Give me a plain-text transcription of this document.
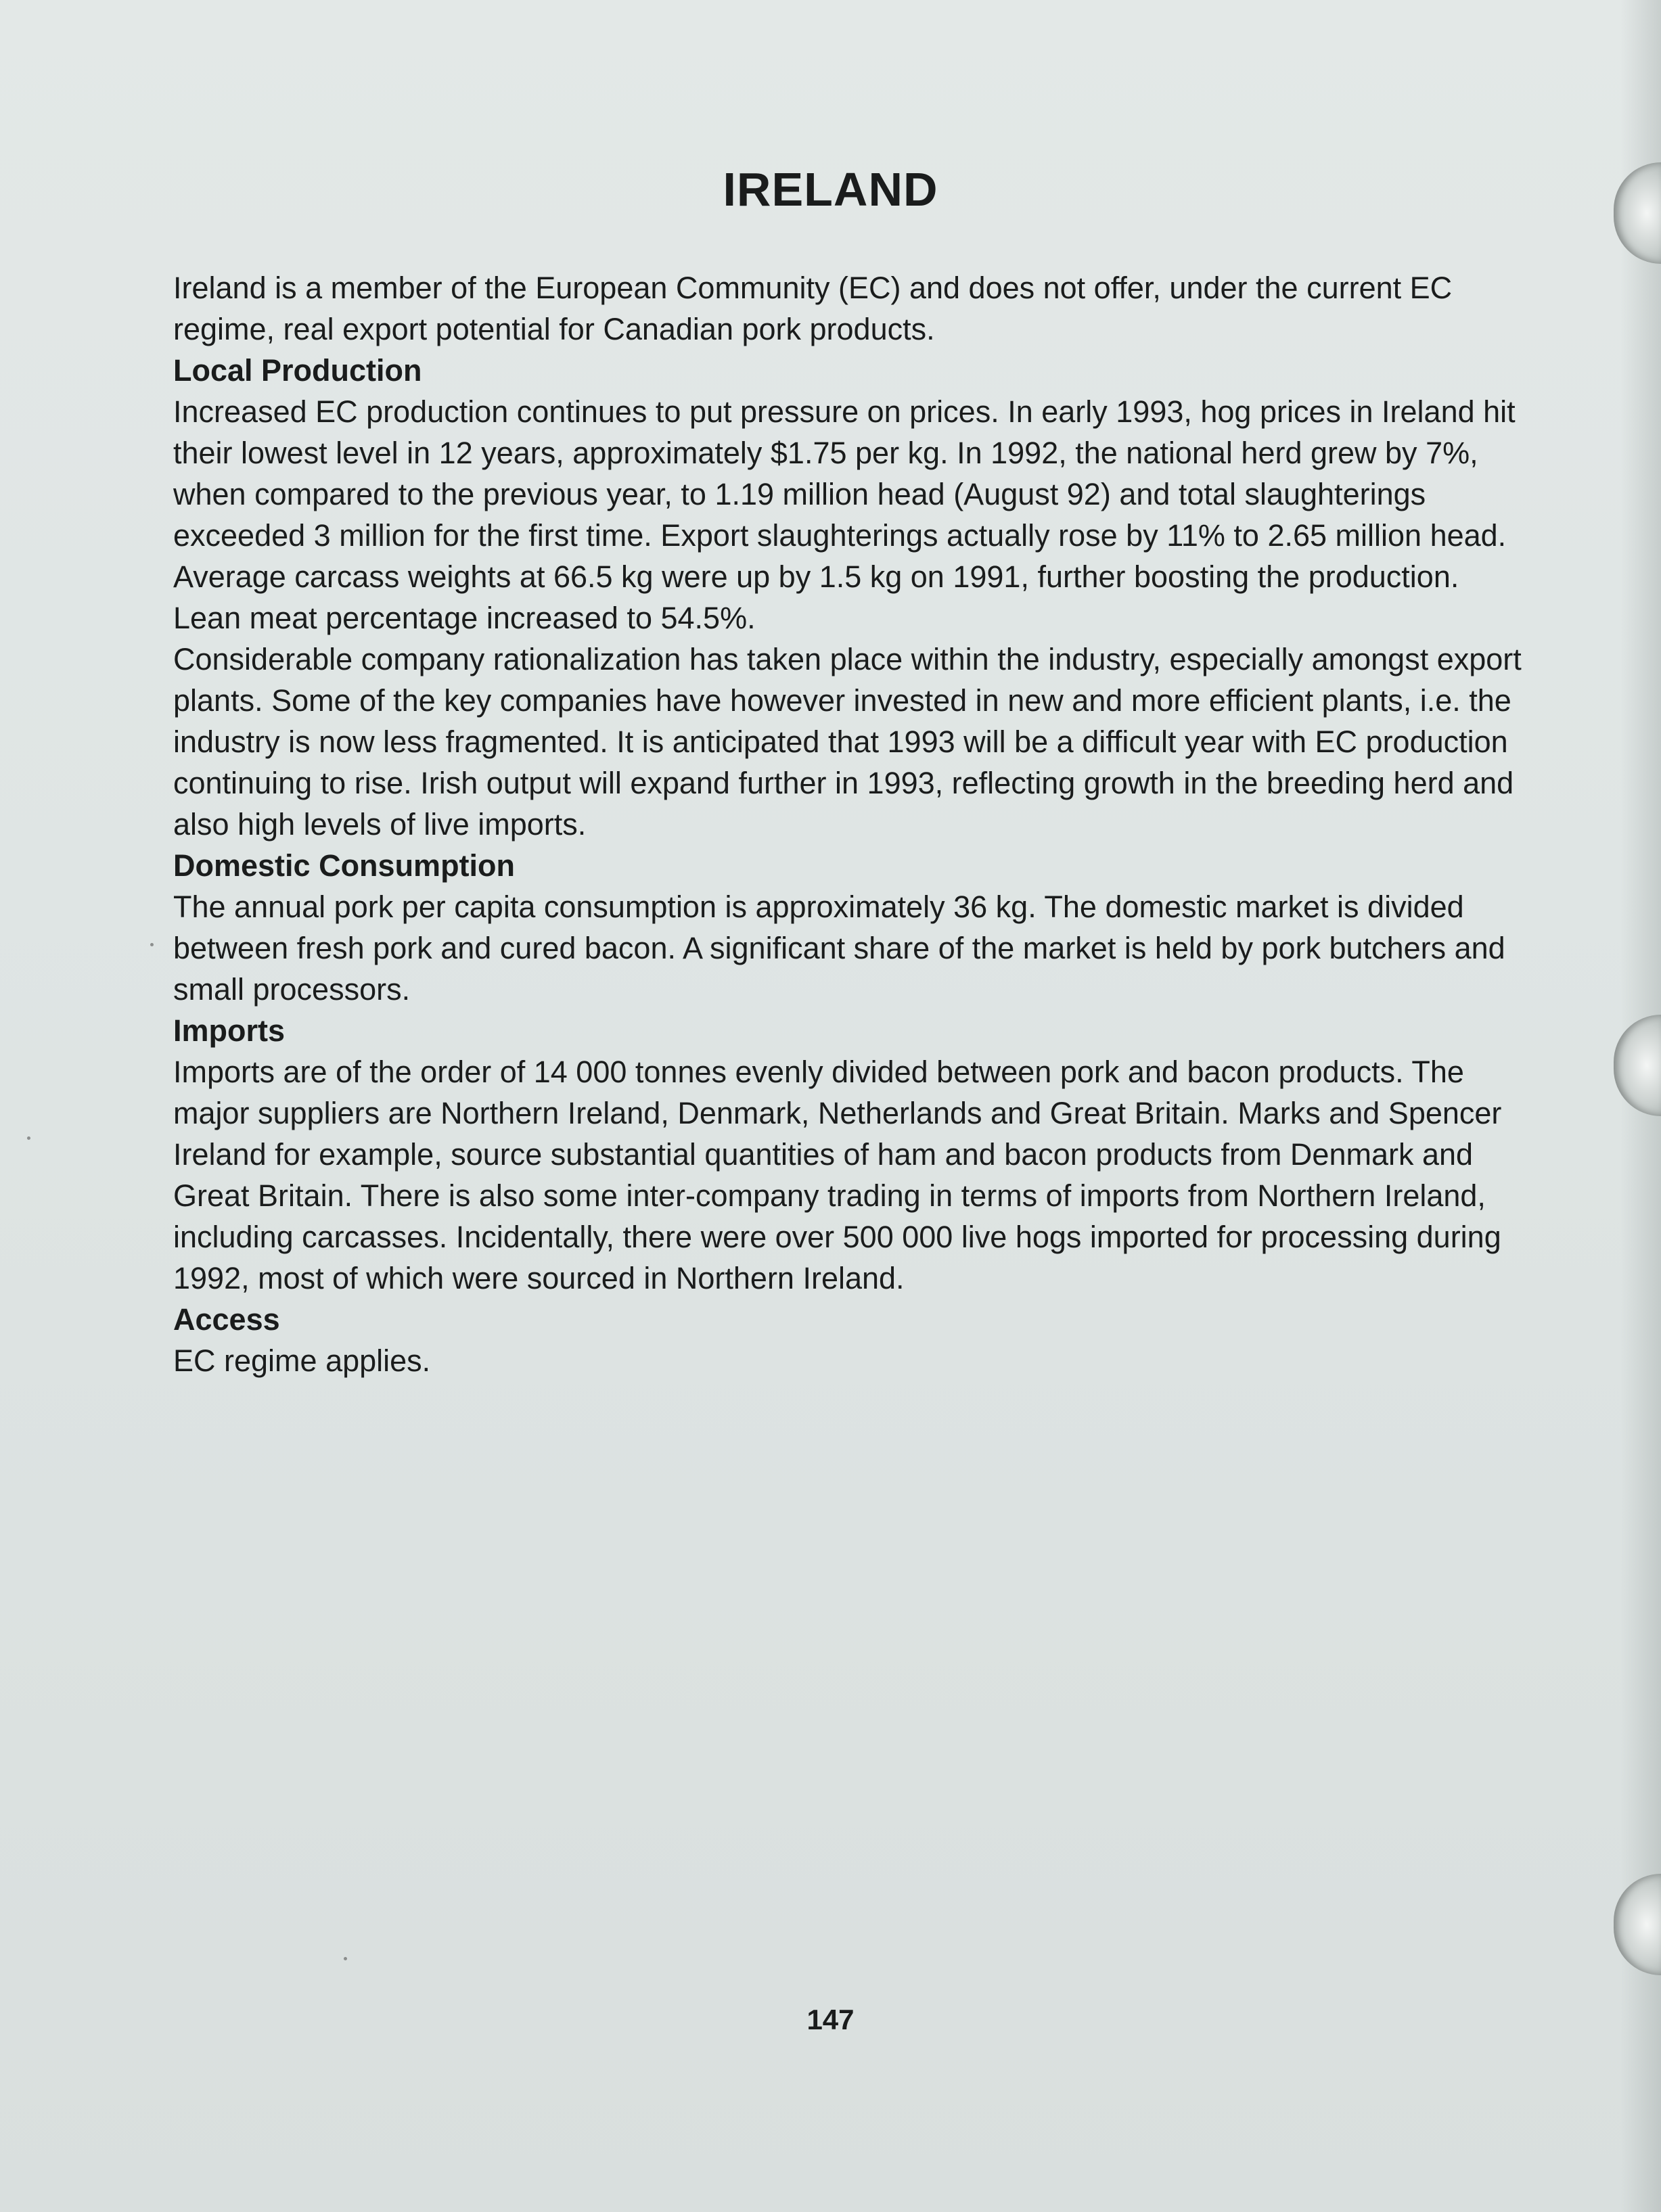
IRELAND

Ireland is a member of the European Community (EC) and does not offer, under the current EC regime, real export potential for Canadian pork products.

Local Production

Increased EC production continues to put pressure on prices. In early 1993, hog prices in Ireland hit their lowest level in 12 years, approximately $1.75 per kg. In 1992, the national herd grew by 7%, when compared to the previous year, to 1.19 million head (August 92) and total slaughterings exceeded 3 million for the first time. Export slaughterings actually rose by 11% to 2.65 million head. Average carcass weights at 66.5 kg were up by 1.5 kg on 1991, further boosting the production. Lean meat percentage increased to 54.5%.

Considerable company rationalization has taken place within the industry, especially amongst export plants. Some of the key companies have however invested in new and more efficient plants, i.e. the industry is now less fragmented. It is anticipated that 1993 will be a difficult year with EC production continuing to rise. Irish output will expand further in 1993, reflecting growth in the breeding herd and also high levels of live imports.

Domestic Consumption

The annual pork per capita consumption is approximately 36 kg. The domestic market is divided between fresh pork and cured bacon. A significant share of the market is held by pork butchers and small processors.

Imports

Imports are of the order of 14 000 tonnes evenly divided between pork and bacon products. The major suppliers are Northern Ireland, Denmark, Netherlands and Great Britain. Marks and Spencer Ireland for example, source substantial quantities of ham and bacon products from Denmark and Great Britain. There is also some inter-company trading in terms of imports from Northern Ireland, including carcasses. Incidentally, there were over 500 000 live hogs imported for processing during 1992, most of which were sourced in Northern Ireland.

Access

EC regime applies.

147
